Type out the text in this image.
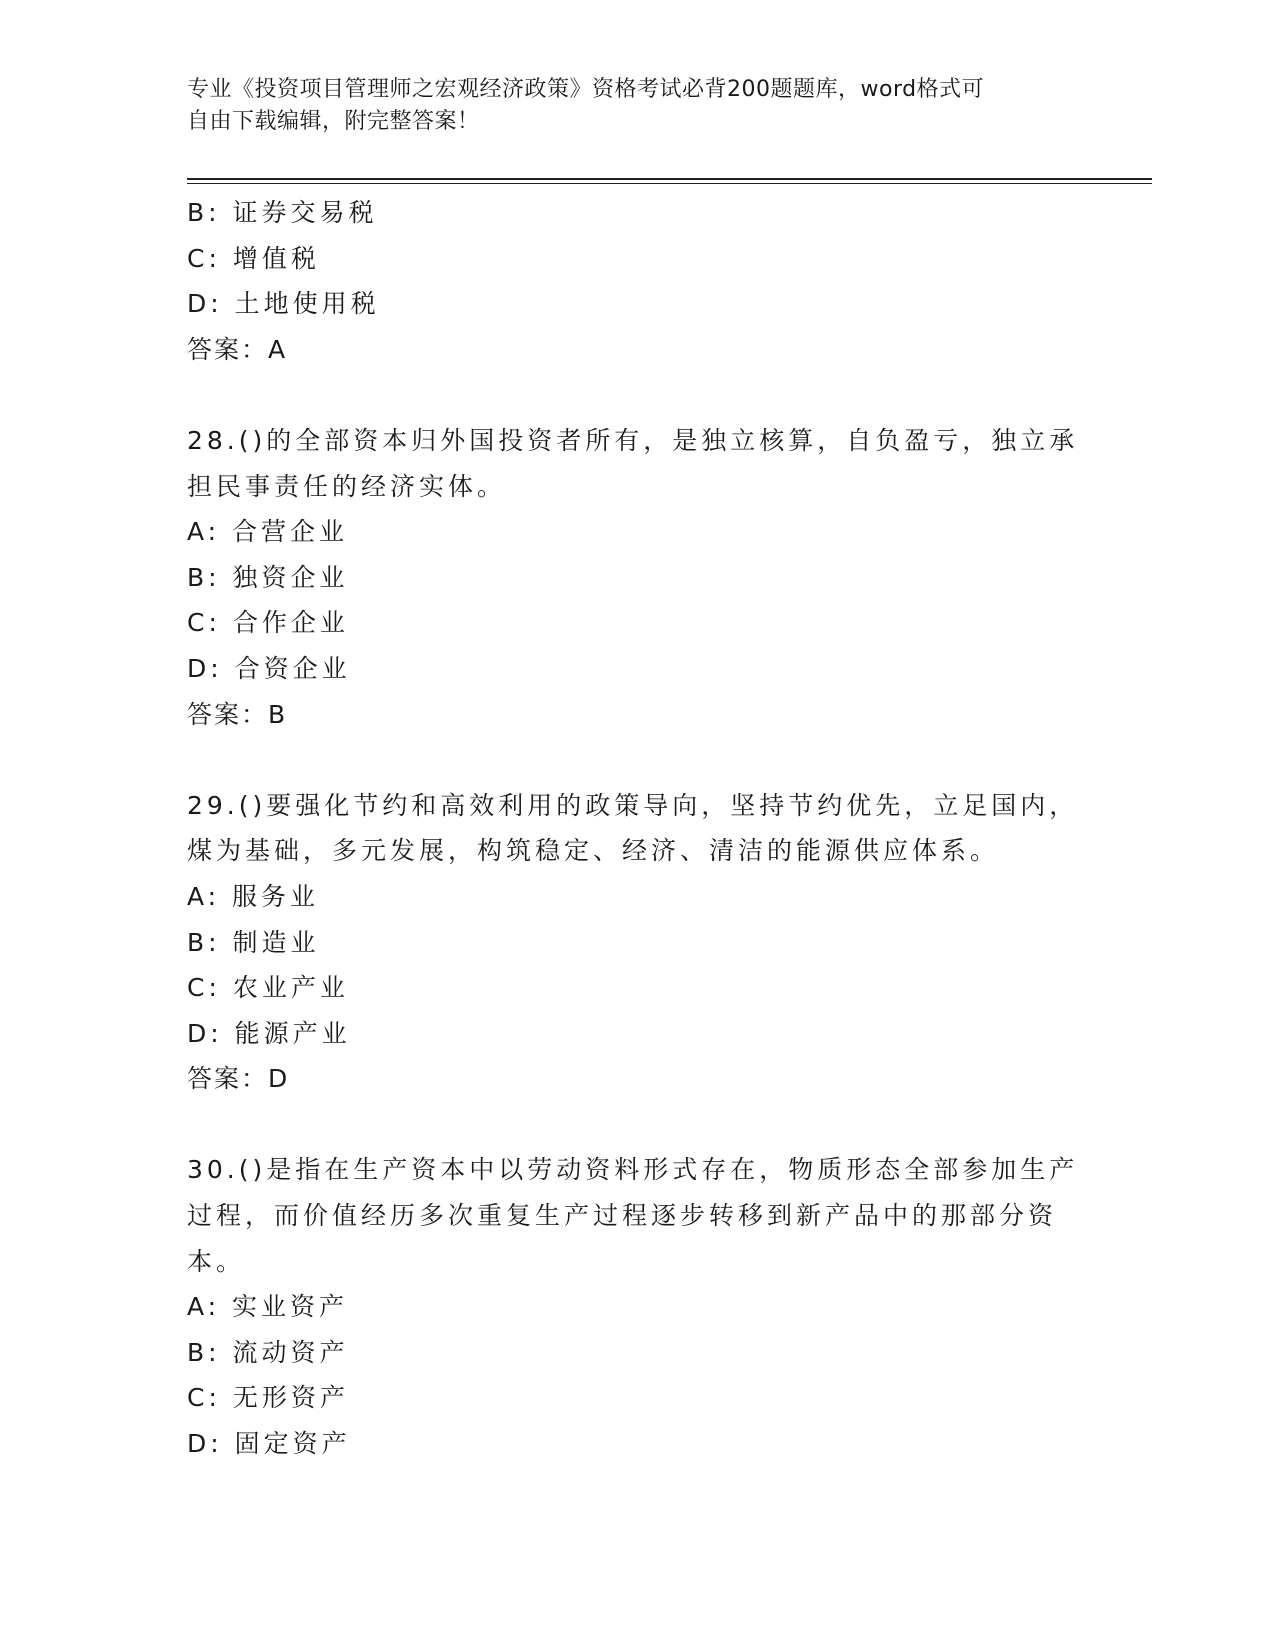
专业《投资项目管理师之宏观经济政策》资格考试必背200题题库，word格式可
自由下载编辑，附完整答案！
B: 证券交易税
C: 增值税
D: 土地使用税
答案：A
28.()的全部资本归外国投资者所有，是独立核算，自负盈亏，独立承
担民事责任的经济实体。
A: 合营企业
B: 独资企业
C: 合作企业
D: 合资企业
答案：B
29.()要强化节约和高效利用的政策导向，坚持节约优先，立足国内，
煤为基础，多元发展，构筑稳定、经济、清洁的能源供应体系。
A: 服务业
B: 制造业
C: 农业产业
D: 能源产业
答案：D
30.()是指在生产资本中以劳动资料形式存在，物质形态全部参加生产
过程，而价值经历多次重复生产过程逐步转移到新产品中的那部分资
本。
A: 实业资产
B: 流动资产
C: 无形资产
D: 固定资产
